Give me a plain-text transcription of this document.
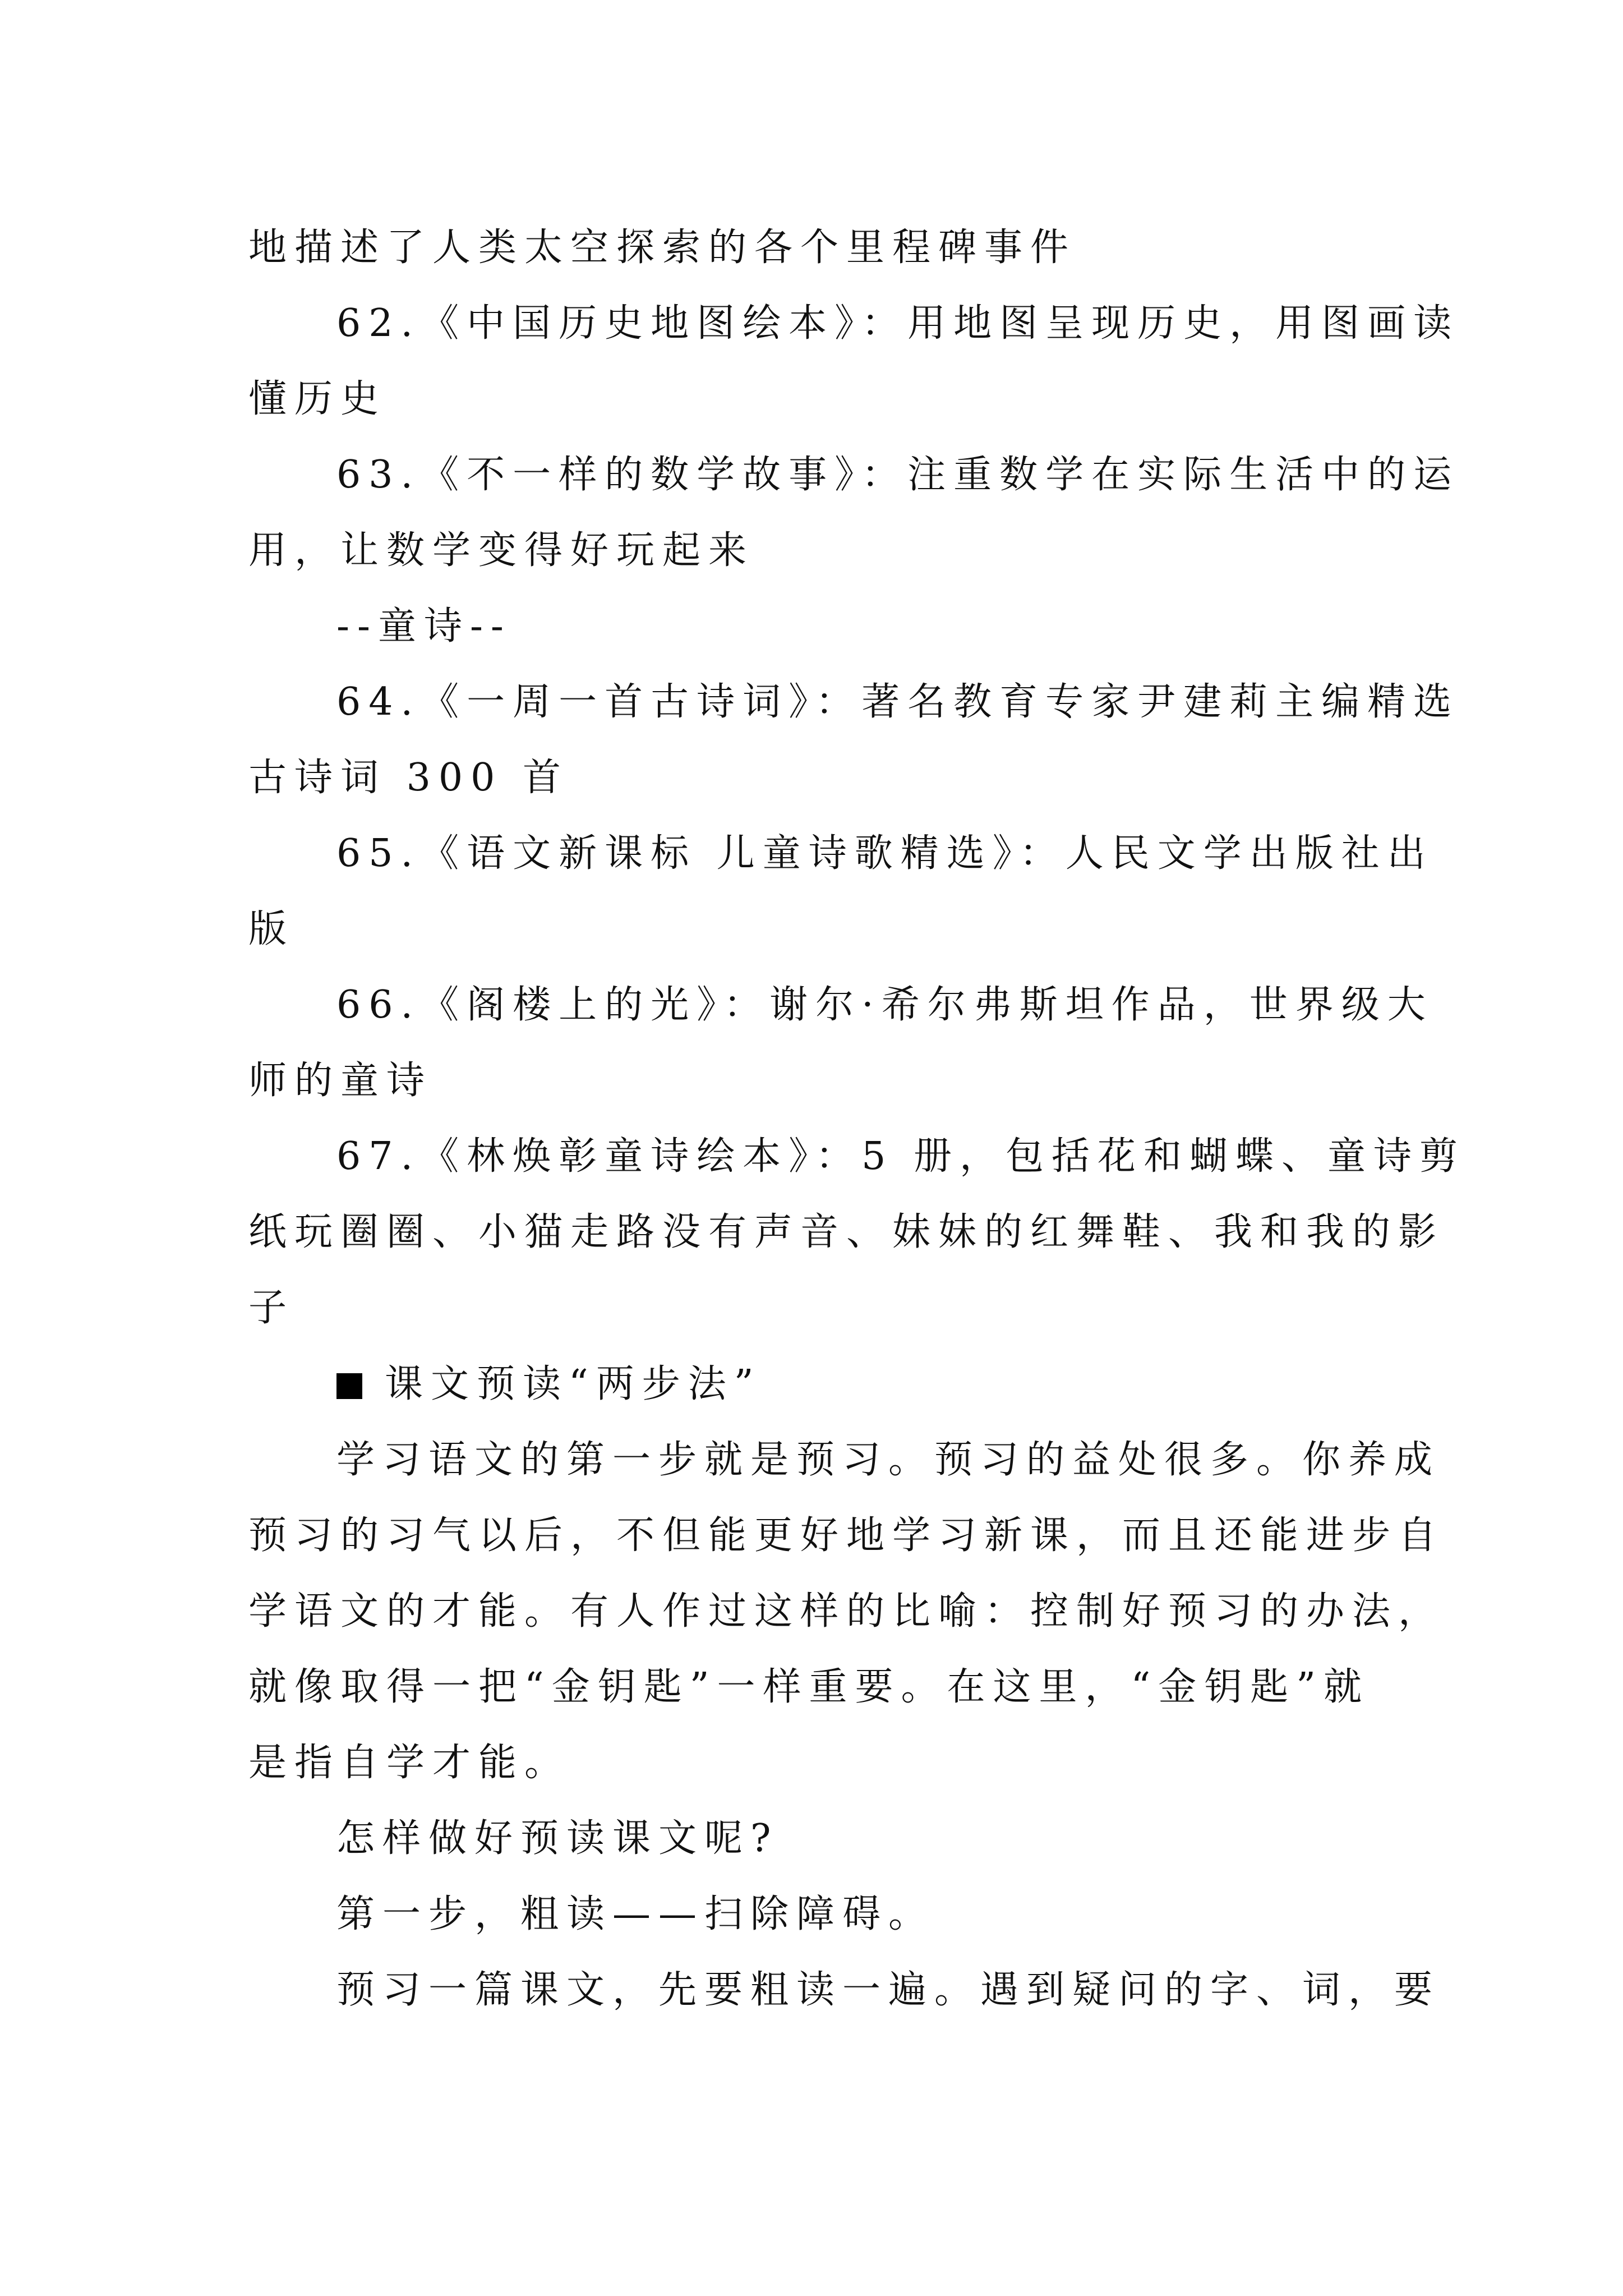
地描述了人类太空探索的各个里程碑事件
62.《中国历史地图绘本》：用地图呈现历史，用图画读
懂历史
63.《不一样的数学故事》：注重数学在实际生活中的运
用，让数学变得好玩起来
--童诗--
64.《一周一首古诗词》：著名教育专家尹建莉主编精选
古诗词 300 首
65.《语文新课标 儿童诗歌精选》：人民文学出版社出
版
66.《阁楼上的光》：谢尔·希尔弗斯坦作品，世界级大
师的童诗
67.《林焕彰童诗绘本》：5 册，包括花和蝴蝶、童诗剪
纸玩圈圈、小猫走路没有声音、妹妹的红舞鞋、我和我的影
子
课文预读“两步法”
学习语文的第一步就是预习。预习的益处很多。你养成
预习的习气以后，不但能更好地学习新课，而且还能进步自
学语文的才能。有人作过这样的比喻：控制好预习的办法，
就像取得一把“金钥匙”一样重要。在这里，“金钥匙”就
是指自学才能。
怎样做好预读课文呢?
第一步，粗读——扫除障碍。
预习一篇课文，先要粗读一遍。遇到疑问的字、词，要
